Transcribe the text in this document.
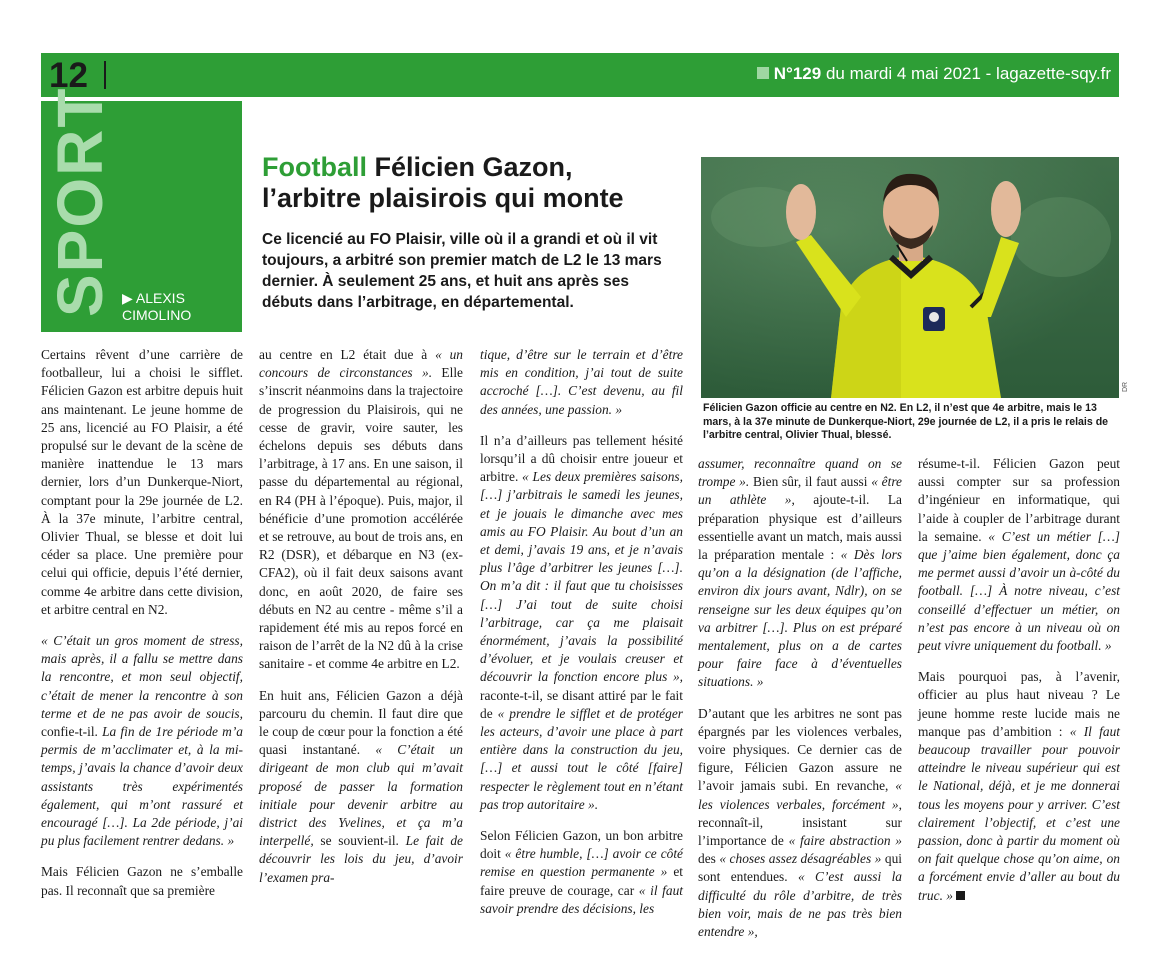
12	N°129 du mardi 4 mai 2021 - lagazette-sqy.fr
SPORT ▶ ALEXIS
CIMOLINO
Football Félicien Gazon,
l’arbitre plaisirois qui monte
Ce licencié au FO Plaisir, ville où il a grandi et où il vit toujours, a arbitré son premier match de L2 le 13 mars dernier. À seulement 25 ans, et huit ans après ses débuts dans l’arbitrage, en départemental.
DR
Félicien Gazon officie au centre en N2. En L2, il n’est que 4e arbitre, mais le 13 mars, à la 37e minute de Dunkerque-Niort, 29e journée de L2, il a pris le relais de l’arbitre central, Olivier Thual, blessé.

Certains rêvent d’une carrière de footballeur, lui a choisi le sifflet. Félicien Gazon est arbitre depuis huit ans maintenant. Le jeune homme de 25 ans, licencié au FO Plaisir, a été propulsé sur le devant de la scène de manière inattendue le 13 mars dernier, lors d’un Dunkerque-Niort, comptant pour la 29e journée de L2. À la 37e minute, l’arbitre central, Olivier Thual, se blesse et doit lui céder sa place. Une première pour celui qui officie, depuis l’été dernier, comme 4e arbitre dans cette division, et arbitre central en N2.

« C’était un gros moment de stress, mais après, il a fallu se mettre dans la rencontre, et mon seul objectif, c’était de mener la rencontre à son terme et de ne pas avoir de soucis, confie-t-il. La fin de 1re période m’a permis de m’acclimater et, à la mi-temps, j’avais la chance d’avoir deux assistants très expérimentés également, qui m’ont rassuré et encouragé […]. La 2de période, j’ai pu plus facilement rentrer dedans. »

Mais Félicien Gazon ne s’emballe pas. Il reconnaît que sa première

au centre en L2 était due à « un concours de circonstances ». Elle s’inscrit néanmoins dans la trajectoire de progression du Plaisirois, qui ne cesse de gravir, voire sauter, les échelons depuis ses débuts dans l’arbitrage, à 17 ans. En une saison, il passe du départemental au régional, en R4 (PH à l’époque). Puis, major, il bénéficie d’une promotion accélérée et se retrouve, au bout de trois ans, en R2 (DSR), et débarque en N3 (ex-CFA2), où il fait deux saisons avant donc, en août 2020, de faire ses débuts en N2 au centre - même s’il a rapidement été mis au repos forcé en raison de l’arrêt de la N2 dû à la crise sanitaire - et comme 4e arbitre en L2.

En huit ans, Félicien Gazon a déjà parcouru du chemin. Il faut dire que le coup de cœur pour la fonction a été quasi instantané. « C’était un dirigeant de mon club qui m’avait proposé de passer la formation initiale pour devenir arbitre au district des Yvelines, et ça m’a interpellé, se souvient-il. Le fait de découvrir les lois du jeu, d’avoir l’examen pra-

tique, d’être sur le terrain et d’être mis en condition, j’ai tout de suite accroché […]. C’est devenu, au fil des années, une passion. »

Il n’a d’ailleurs pas tellement hésité lorsqu’il a dû choisir entre joueur et arbitre. « Les deux premières saisons, […] j’arbitrais le samedi les jeunes, et je jouais le dimanche avec mes amis au FO Plaisir. Au bout d’un an et demi, j’avais 19 ans, et je n’avais plus l’âge d’arbitrer les jeunes […]. On m’a dit : il faut que tu choisisses […] J’ai tout de suite choisi l’arbitrage, car ça me plaisait énormément, j’avais la possibilité d’évoluer, et je voulais creuser et découvrir la fonction encore plus », raconte-t-il, se disant attiré par le fait de « prendre le sifflet et de protéger les acteurs, d’avoir une place à part entière dans la construction du jeu, […] et aussi tout le côté [faire] respecter le règlement tout en n’étant pas trop autoritaire ».

Selon Félicien Gazon, un bon arbitre doit « être humble, […] avoir ce côté remise en question permanente » et faire preuve de courage, car « il faut savoir prendre des décisions, les

assumer, reconnaître quand on se trompe ». Bien sûr, il faut aussi « être un athlète », ajoute-t-il. La préparation physique est d’ailleurs essentielle avant un match, mais aussi la préparation mentale : « Dès lors qu’on a la désignation (de l’affiche, environ dix jours avant, Ndlr), on se renseigne sur les deux équipes qu’on va arbitrer […]. Plus on est préparé mentalement, plus on a de cartes pour faire face à d’éventuelles situations. »

D’autant que les arbitres ne sont pas épargnés par les violences verbales, voire physiques. Ce dernier cas de figure, Félicien Gazon assure ne l’avoir jamais subi. En revanche, « les violences verbales, forcément », reconnaît-il, insistant sur l’importance de « faire abstraction » des « choses assez désagréables » qui sont entendues. « C’est aussi la difficulté du rôle d’arbitre, de très bien voir, mais de ne pas très bien entendre »,

résume-t-il. Félicien Gazon peut aussi compter sur sa profession d’ingénieur en informatique, qui l’aide à coupler de l’arbitrage durant la semaine. « C’est un métier […] que j’aime bien également, donc ça me permet aussi d’avoir un à-côté du football. […] À notre niveau, c’est conseillé d’effectuer un métier, on n’est pas encore à un niveau où on peut vivre uniquement du football. »

Mais pourquoi pas, à l’avenir, officier au plus haut niveau ? Le jeune homme reste lucide mais ne manque pas d’ambition : « Il faut beaucoup travailler pour pouvoir atteindre le niveau supérieur qui est le National, déjà, et je me donnerai tous les moyens pour y arriver. C’est clairement l’objectif, et c’est une passion, donc à partir du moment où on fait quelque chose qu’on aime, on a forcément envie d’aller au bout du truc. »
